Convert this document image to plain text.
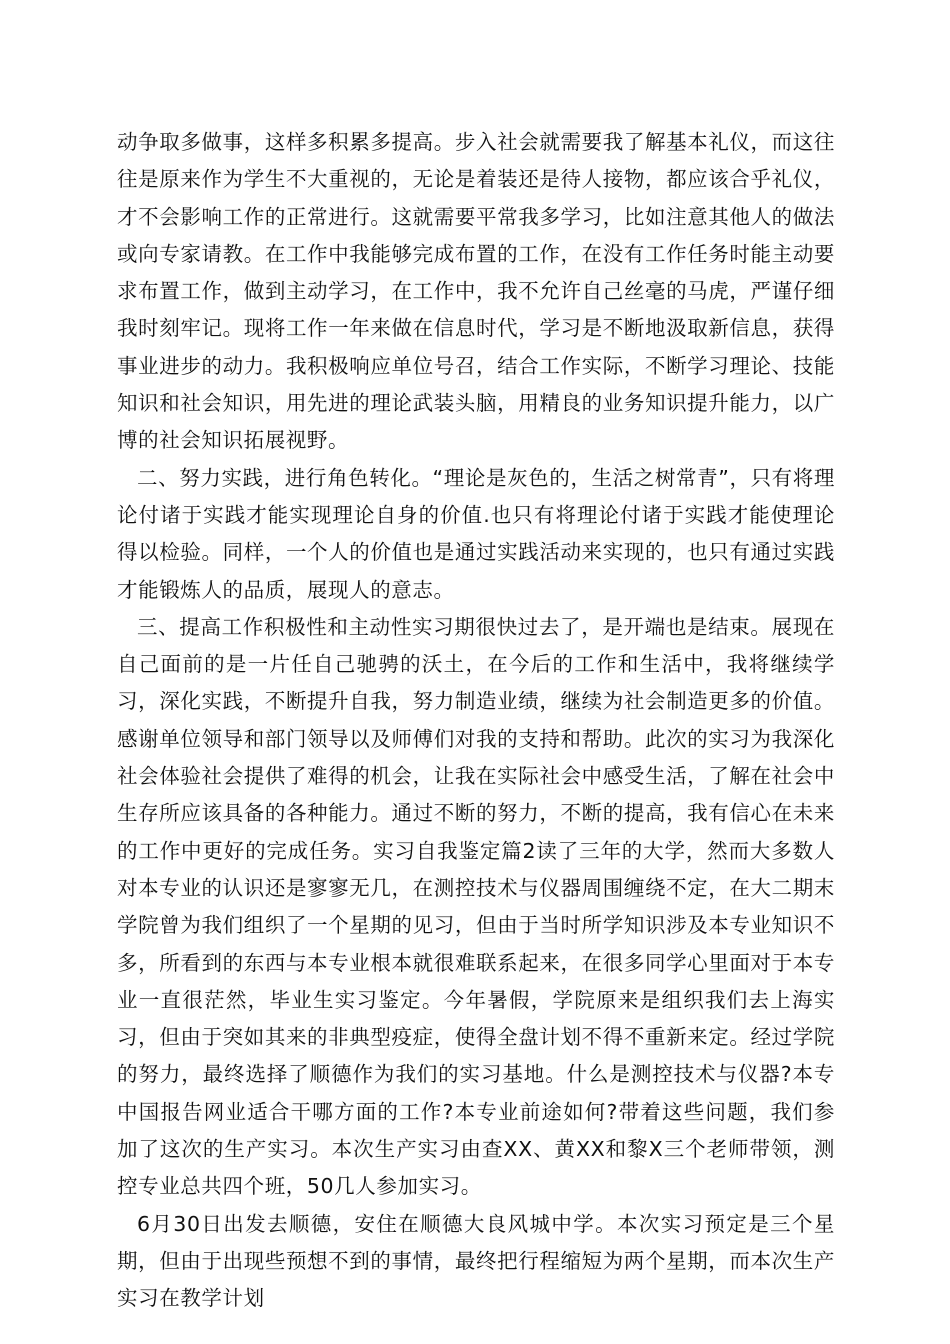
动争取多做事，这样多积累多提高。步入社会就需要我了解基本礼仪，而这往往是原来作为学生不大重视的，无论是着装还是待人接物，都应该合乎礼仪，才不会影响工作的正常进行。这就需要平常我多学习，比如注意其他人的做法或向专家请教。在工作中我能够完成布置的工作，在没有工作任务时能主动要求布置工作，做到主动学习，在工作中，我不允许自己丝毫的马虎，严谨仔细我时刻牢记。现将工作一年来做在信息时代，学习是不断地汲取新信息，获得事业进步的动力。我积极响应单位号召，结合工作实际，不断学习理论、技能知识和社会知识，用先进的理论武装头脑，用精良的业务知识提升能力，以广博的社会知识拓展视野。

二、努力实践，进行角色转化。“理论是灰色的，生活之树常青”，只有将理论付诸于实践才能实现理论自身的价值.也只有将理论付诸于实践才能使理论得以检验。同样，一个人的价值也是通过实践活动来实现的，也只有通过实践才能锻炼人的品质，展现人的意志。

三、提高工作积极性和主动性实习期很快过去了，是开端也是结束。展现在自己面前的是一片任自己驰骋的沃土，在今后的工作和生活中，我将继续学习，深化实践，不断提升自我，努力制造业绩，继续为社会制造更多的价值。感谢单位领导和部门领导以及师傅们对我的支持和帮助。此次的实习为我深化社会体验社会提供了难得的机会，让我在实际社会中感受生活，了解在社会中生存所应该具备的各种能力。通过不断的努力，不断的提高，我有信心在未来的工作中更好的完成任务。实习自我鉴定篇2读了三年的大学，然而大多数人对本专业的认识还是寥寥无几，在测控技术与仪器周围缠绕不定，在大二期末学院曾为我们组织了一个星期的见习，但由于当时所学知识涉及本专业知识不多，所看到的东西与本专业根本就很难联系起来，在很多同学心里面对于本专业一直很茫然，毕业生实习鉴定。今年暑假，学院原来是组织我们去上海实习，但由于突如其来的非典型疫症，使得全盘计划不得不重新来定。经过学院的努力，最终选择了顺德作为我们的实习基地。什么是测控技术与仪器?本专中国报告网业适合干哪方面的工作?本专业前途如何?带着这些问题，我们参加了这次的生产实习。本次生产实习由查XX、黄XX和黎X三个老师带领，测控专业总共四个班，50几人参加实习。

6月30日出发去顺德，安住在顺德大良风城中学。本次实习预定是三个星期，但由于出现些预想不到的事情，最终把行程缩短为两个星期，而本次生产实习在教学计划
